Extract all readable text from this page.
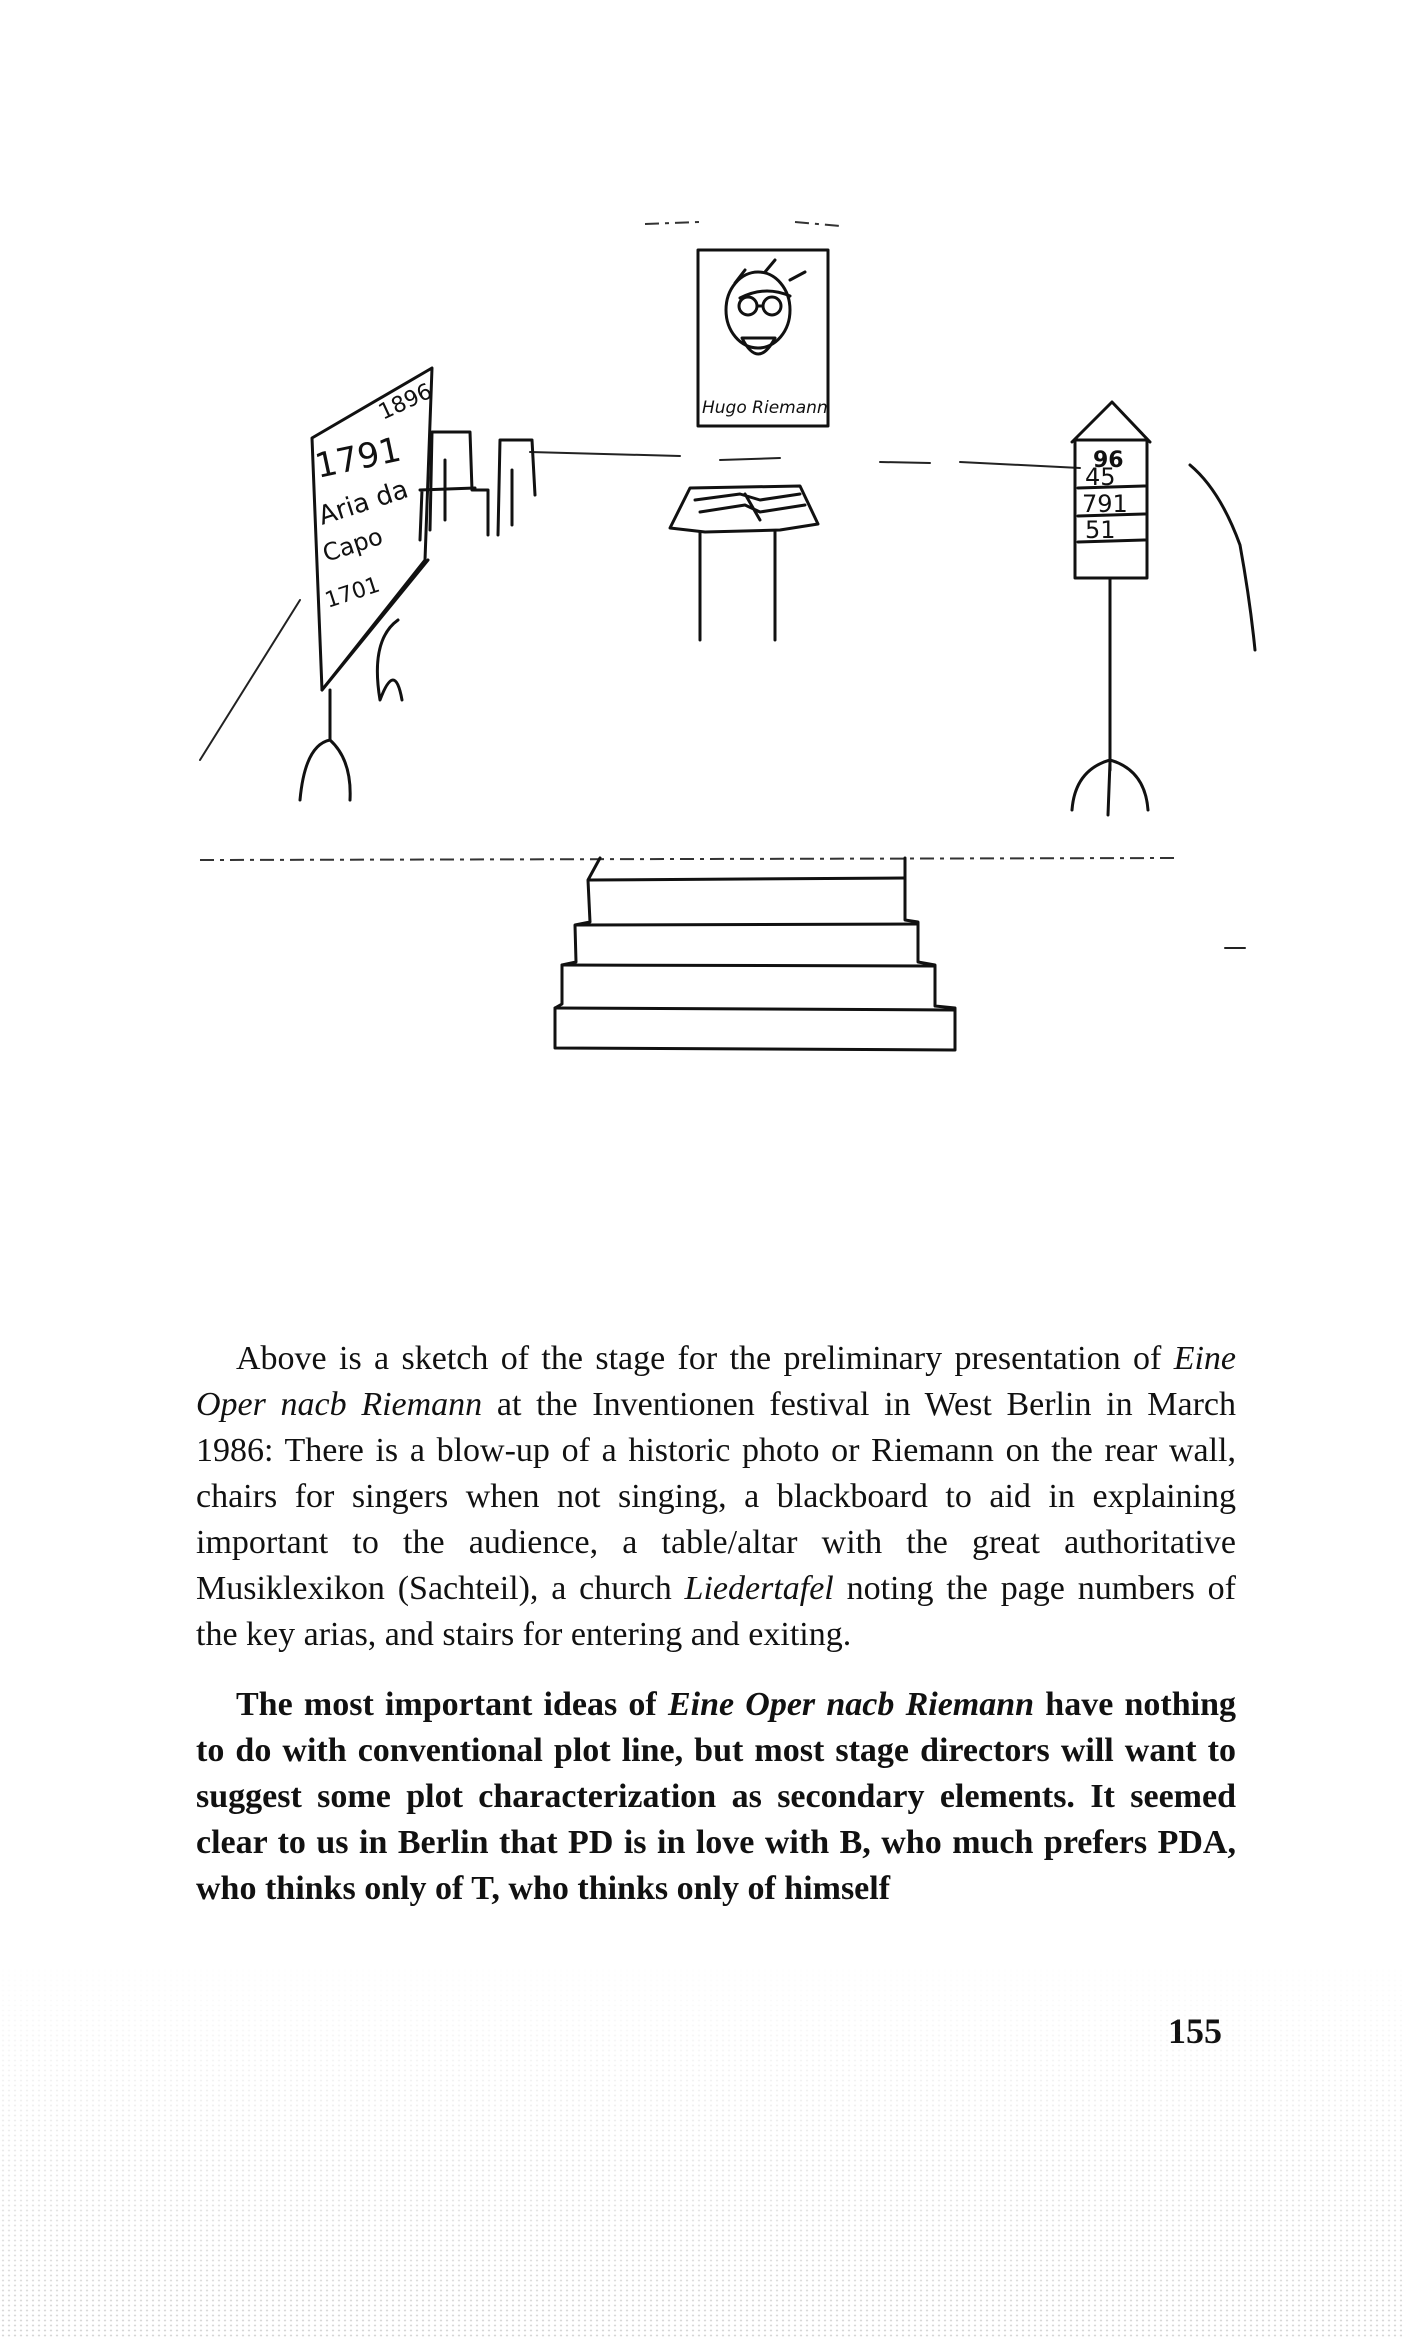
Hugo Riemann
1896
1791
Aria da
Capo
1701
96
45
791
51

Above is a sketch of the stage for the preliminary presentation of Eine Oper nacb Riemann at the Inventionen festival in West Berlin in March 1986: There is a blow-up of a historic photo or Riemann on the rear wall, chairs for singers when not singing, a blackboard to aid in explaining important to the audience, a table/altar with the great authoritative Musiklexikon (Sachteil), a church Liedertafel noting the page numbers of the key arias, and stairs for entering and exiting.

The most important ideas of Eine Oper nacb Riemann have nothing to do with conventional plot line, but most stage directors will want to suggest some plot characterization as secondary elements. It seemed clear to us in Berlin that PD is in love with B, who much prefers PDA, who thinks only of T, who thinks only of himself

155
